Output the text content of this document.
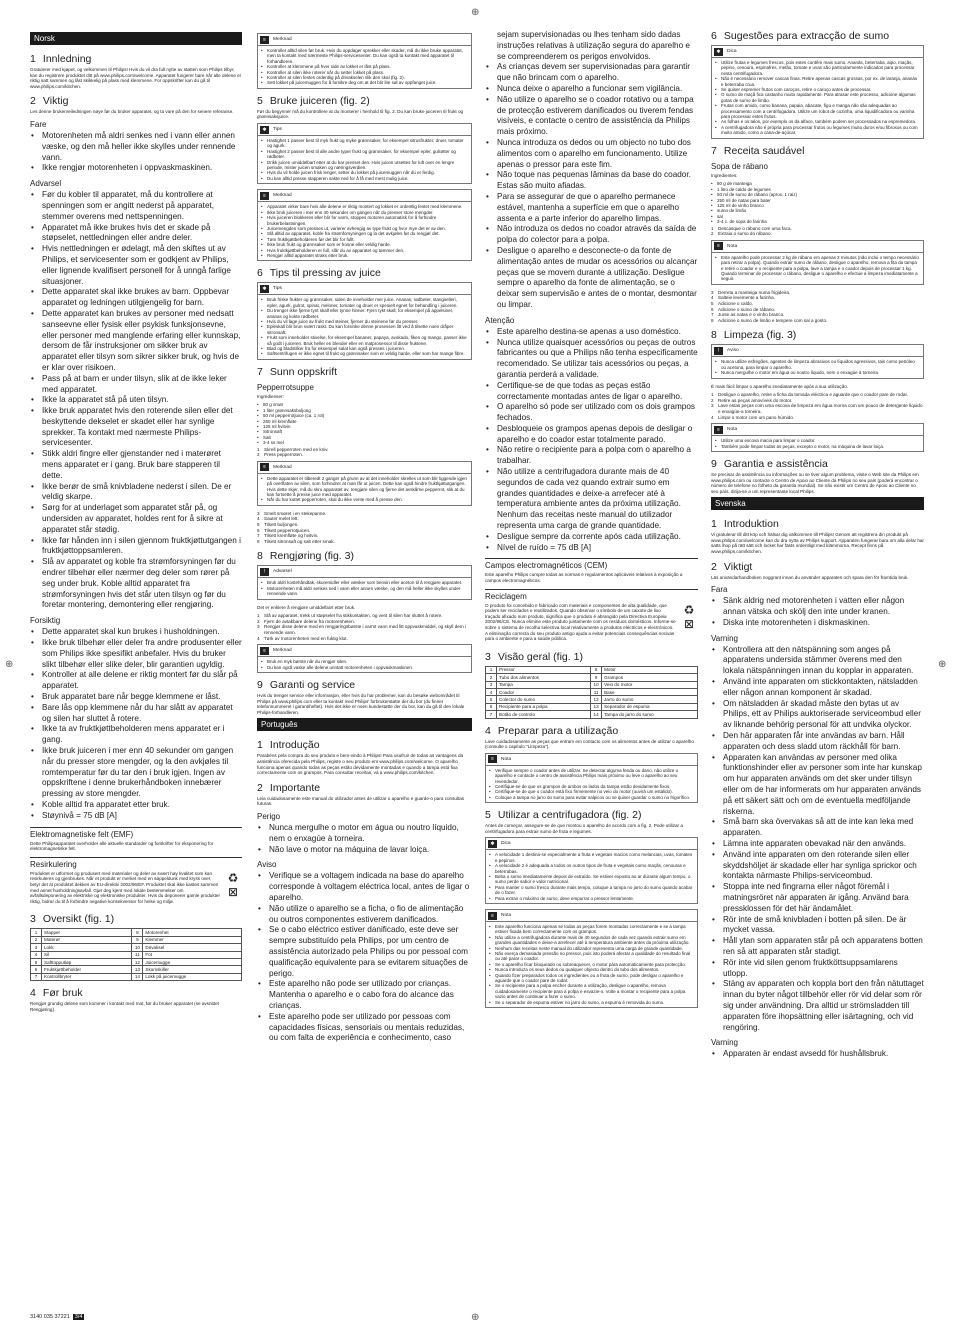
⊕
⊕
⊕	⊕
Norsk
1 Innledning

Gratulerer med kjøpet, og velkommen til Philips! Hvis du vil dra full nytte av støtten som Philips tilbyr, kan du registrere produktet ditt på www.philips.com/welcome. Apparatet fungerer bare når alle delene er riktig satt sammen og låst skikkelig på plass med klemmene. For oppskrifter kan du gå til www.philips.com/kitchen.

2 Viktig

Les denne brukerveiledningen nøye før du bruker apparatet, og ta vare på den for senere referanse.

Fare
• Motorenheten må aldri senkes ned i vann eller annen væske, og den må heller ikke skylles under rennende vann.
• Ikke rengjør motorenheten i oppvaskmaskinen.
Advarsel
• Før du kobler til apparatet, må du kontrollere at spenningen som er angitt nederst på apparatet, stemmer overens med nettspenningen.
• Apparatet må ikke brukes hvis det er skade på støpselet, nettledningen eller andre deler.
• Hvis nettledningen er ødelagt, må den skiftes ut av Philips, et servicesenter som er godkjent av Philips, eller lignende kvalifisert personell for å unngå farlige situasjoner.
• Dette apparatet skal ikke brukes av barn. Oppbevar apparatet og ledningen utilgjengelig for barn.
• Dette apparatet kan brukes av personer med nedsatt sanseevne eller fysisk eller psykisk funksjonsevne, eller personer med manglende erfaring eller kunnskap, dersom de får instruksjoner om sikker bruk av apparatet eller tilsyn som sikrer sikker bruk, og hvis de er klar over risikoen.
• Pass på at barn er under tilsyn, slik at de ikke leker med apparatet.
• Ikke la apparatet stå på uten tilsyn.
• Ikke bruk apparatet hvis den roterende silen eller det beskyttende dekselet er skadet eller har synlige sprekker. Ta kontakt med nærmeste Philips-servicesenter.
• Stikk aldri fingre eller gjenstander ned i materøret mens apparatet er i gang. Bruk bare stapperen til dette.
• Ikke berør de små knivbladene nederst i silen. De er veldig skarpe.
• Sørg for at underlaget som apparatet står på, og undersiden av apparatet, holdes rent for å sikre at apparatet står stødig.
• Ikke før hånden inn i silen gjennom fruktkjøttutgangen i fruktkjøttoppsamleren.
• Slå av apparatet og koble fra strømforsyningen før du endrer tilbehør eller nærmer deg deler som rører på seg under bruk. Koble alltid apparatet fra strømforsyningen hvis det står uten tilsyn og før du foretar montering, demontering eller rengjøring.
Forsiktig
• Dette apparatet skal kun brukes i husholdningen.
• Ikke bruk tilbehør eller deler fra andre produsenter eller som Philips ikke spesifikt anbefaler. Hvis du bruker slikt tilbehør eller slike deler, blir garantien ugyldig.
• Kontroller at alle delene er riktig montert før du slår på apparatet.
• Bruk apparatet bare når begge klemmene er låst.
• Bare lås opp klemmene når du har slått av apparatet og silen har sluttet å rotere.
• Ikke ta av fruktkjøttbeholderen mens apparatet er i gang.
• Ikke bruk juiceren i mer enn 40 sekunder om gangen når du presser store mengder, og la den avkjøles til romtemperatur før du tar den i bruk igjen. Ingen av oppskriftene i denne brukerhåndboken innebærer pressing av store mengder.
• Koble alltid fra apparatet etter bruk.
• Støynivå = 75 dB [A]
Elektromagnetiske felt (EMF)

Dette Philipsapparatet overholder alle aktuelle standarder og forskrifter for eksponering for elektromagnetiske felt.

Resirkulering

Produktet er utformet og produsert med materialer og deler av svært høy kvalitet som kan resirkuleres og gjenbrukes. Når et produkt er merket med en søppeldunk med kryss over, betyr det at produktet dekkes av EU-direktiv 2002/96/EF. Produktet skal ikke kastes sammen med annet husholdningsavfall. Gjør deg kjent med lokale bestemmelser om avfallsdeponering av elektriske og elektroniske produkter. Hvis du deponerer gamle produkter riktig, bidrar du til å forhindre negative konsekvenser for helse og miljø.

♻
⊠
3 Oversikt (fig. 1)
1	Stapper	8	Motorenhet
2	Materør	9	Klemmer
3	Lokk	10	Drivaksel
4	Sil	11	Fot
5	Safttopputløp	12	Juicemugge
6	Fruktkjøttbeholder	13	Skumskiller
7	Kontrollbryter	14	Lokk på juicemugge
4 Før bruk

Rengjør grundig delene som kommer i kontakt med mat, før du bruker apparatet (se avsnittet Rengjøring).

≡	Merknad
• Kontroller alltid silen før bruk. Hvis du oppdager sprekker eller skader, må du ikke bruke apparatet, men ta kontakt med nærmeste Philips-servicesenter. Du kan også ta kontakt med apparatet til forhandleren.
• Kontroller at klemmene på hver side av lokket er låst på plass.
• Kontroller at silen ikke roterer når du setter lokket på plass.
• Kontroller at silen festes ordentlig på drivakselen slik den skal (fig. 2).
• Sett lokket på juicemuggen for å forsikre deg om at det blir lite søl av oppfanget juice.
5 Bruke juiceren (fig. 2)

Før du begynner må du kontrollere at du monterer i henhold til fig. 2. Du kan bruke juiceren til frukt og grønnsaksjuice.

✱	Tips
• Hastighet 1 passer best til myk frukt og myke grønnsaker, for eksempel sitrusfrukter, druer, tomater og agurk.
• Hastighet 2 passer best til alle andre typer frukt og grønnsaker, for eksempel epler, gulrøtter og rødbeter.
• Drikk juicen umiddelbart etter at du har presset den. Hvis juicen utsettes for luft over en lengre periode, mister juicen smaken og næringsverdien.
• Hvis du vil holde juicen frisk lenger, setter du lokket på juicemuggen når du er ferdig.
• Du kan alltid presse stapperen sakte ned for å få med mest mulig juice.
≡	Merknad
• Apparatet virker bare hvis alle delene er riktig montert og lokket er ordentlig festet med klemmene.
• Ikke bruk juiceren i mer enn 40 sekunder om gangen når du presser store mengder.
• Hvis juiceren blokkeres eller blir for varm, stoppes motoren automatisk for å forhindre brukerbelastningen.
• Juicemengden som presses ut, varierer avhengig av type frukt og hvor mye det er av den.
• Slå alltid av apparatet, koble fra strømforsyningen og la det avkjøles før du rengjør det.
• Tøm fruktkjøttbeholderen før det blir for fullt.
• Ikke bruk frukt og grønnsaker som er frosne eller veldig harde.
• Hvis fruktkjøttbeholderen er full, slår du av apparatet og tømmer den.
• Rengjør alltid apparatet straks etter bruk.
6 Tips til pressing av juice
✱	Tips
• Bruk friske frukter og grønnsaker, siden de inneholder mer juice. Ananas, rødbeter, stangselleri, epler, agurk, gulrot, spinat, meloner, tomater og druer er spesielt egnet for behandling i juiceren.
• Du trenger ikke fjerne tynt skall eller tynne hinner. Fjern tykt skall, for eksempel på appelsiner, ananas og kokte rødbeter.
• Hvis du vil lage juice av frukt med steiner, fjerner du steinene før du presser.
• Epleskall blir brun svært raskt. Du kan forsinke denne prosessen litt ved å tilsette noen dråper sitronsaft.
• Frukt som inneholder stivelse, for eksempel bananer, papaya, avokado, fiken og mango, passer ikke så godt i juiceren. Bruk heller en blender eller en matprosessor til disse fruktene.
• Blad og bladstilker fra for eksempel salat kan også presses i juiceren.
• Saftsentrifugen er ikke egnet til frukt og grønnsaker som er veldig harde, eller som har mange fibre.
7 Sunn oppskrift
Pepperrotsuppe

Ingredienser:

• 80 g smør
• 1 liter grønnsaksbuljong
• 50 ml pepperrotjuice (ca. 1 rot)
• 250 ml kremfløte
• 125 ml hvitvin
• Sitronsaft
• Salt
• 3-4 ss mel
1 Skrell pepperroten med en kniv.
2 Press pepperroten.
≡	Merknad
• Dette apparatet er tilberedt 2 ganger på grunn av at det inneholder skrelles ut som blir liggende igjen på overflaten av silen, som forhindrer at man får ut juicen. Dette kan også hindre fruktkjøttutgangen. Hvis dette skjer, må du skru apparatet av, rengjøre silen og fjerne det avskårne pepperrot, slik at du kan fortsette å presse juice med apparatet.
• Når du har kuttet pepperroten, skal du ikke vente med å presse den.
3 Smelt smøret i en stekepanne.
4 Sauter melet lett.
5 Tilsett buljongen.
6 Tilsett pepperrotjuicen.
7 Tilsett kremfløte og hvitvin.
8 Tilsett sitronsaft og salt etter smak.
8 Rengjøring (fig. 3)
!	Advarsel
• Bruk aldri kostehåndtak, skuremidler eller væsker som bensin eller aceton til å rengjøre apparatet.
• Motorenheten må aldri senkes ned i vann eller annen væske, og den må heller ikke skylles under rennende vann.

Det er enklere å rengjøre umiddelbart etter bruk.

1 Slå av apparatet, trekk ut støpselet fra stikkontakten, og vent til silen har sluttet å rotere.
2 Fjern de avtakbare delene fra motorenheten.
3 Rengjør disse delene med en rengjøringsbørste i varmt vann med litt oppvaskmiddel, og skyll dem i rennende vann.
4 Tørk av motorenheten med en fuktig klut.
≡	Merknad
• Bruk en myk børste når du rengjør silen.
• Du kan også vaske alle delene unntatt motorenheten i oppvaskmaskinen.
9 Garanti og service

Hvis du trenger service eller informasjon, eller hvis du har problemer, kan du besøke webområdet til Philips på www.philips.com eller ta kontakt med Philips' forbrukerstøtte der du bor (du finner telefonnummeret i garantiheftet). Hvis det ikke er noen kundestøtte der du bor, kan du gå til den lokale Philips-forhandleren.

Português
1 Introdução

Parabéns pela compra do seu produto e bem-vindo à Philips! Para usufruir de todas as vantagens da assistência oferecida pela Philips, registe o seu produto em www.philips.com/welcome. O aparelho funciona apenas quando todas as peças estão devidamente montadas e quando a tampa está fixa correctamente com os grampos. Para consultar receitas, vá a www.philips.com/kitchen.

2 Importante

Leia cuidadosamente este manual do utilizador antes de utilizar o aparelho e guarde-o para consultas futuras.

Perigo
• Nunca mergulhe o motor em água ou noutro líquido, nem o enxagúe à torneira.
• Não lave o motor na máquina de lavar loiça.
Aviso
• Verifique se a voltagem indicada na base do aparelho corresponde à voltagem eléctrica local, antes de ligar o aparelho.
• Não utilize o aparelho se a ficha, o fio de alimentação ou outros componentes estiverem danificados.
• Se o cabo eléctrico estiver danificado, este deve ser sempre substituído pela Philips, por um centro de assistência autorizado pela Philips ou por pessoal com qualificação equivalente para se evitarem situações de perigo.
• Este aparelho não pode ser utilizado por crianças. Mantenha o aparelho e o cabo fora do alcance das crianças.
• Este aparelho pode ser utilizado por pessoas com capacidades físicas, sensoriais ou mentais reduzidas, ou com falta de experiência e conhecimento, caso
sejam supervisionadas ou lhes tenham sido dadas instruções relativas à utilização segura do aparelho e se compreenderem os perigos envolvidos.
• As crianças devem ser supervisionadas para garantir que não brincam com o aparelho.
• Nunca deixe o aparelho a funcionar sem vigilância.
• Não utilize o aparelho se o coador rotativo ou a tampa de protecção estiverem danificados ou tiverem fendas visíveis, e contacte o centro de assistência da Philips mais próximo.
• Nunca introduza os dedos ou um objecto no tubo dos alimentos com o aparelho em funcionamento. Utilize apenas o pressor para este fim.
• Não toque nas pequenas lâminas da base do coador. Estas são muito afiadas.
• Para se assegurar de que o aparelho permanece estável, mantenha a superfície em que o aparelho assenta e a parte inferior do aparelho limpas.
• Não introduza os dedos no coador através da saída de polpa do colector para a polpa.
• Desligue o aparelho e desconecte-o da fonte de alimentação antes de mudar os acessórios ou alcançar peças que se movem durante a utilização. Desligue sempre o aparelho da fonte de alimentação, se o deixar sem supervisão e antes de o montar, desmontar ou limpar.
Atenção
• Este aparelho destina-se apenas a uso doméstico.
• Nunca utilize quaisquer acessórios ou peças de outros fabricantes ou que a Philips não tenha especificamente recomendado. Se utilizar tais acessórios ou peças, a garantia perderá a validade.
• Certifique-se de que todas as peças estão correctamente montadas antes de ligar o aparelho.
• O aparelho só pode ser utilizado com os dois grampos fechados.
• Desbloqueie os grampos apenas depois de desligar o aparelho e do coador estar totalmente parado.
• Não retire o recipiente para a polpa com o aparelho a trabalhar.
• Não utilize a centrifugadora durante mais de 40 segundos de cada vez quando extrair sumo em grandes quantidades e deixe-a arrefecer até à temperatura ambiente antes da próxima utilização. Nenhum das receitas neste manual do utilizador representa uma carga de grande quantidade.
• Desligue sempre da corrente após cada utilização.
• Nível de ruído = 75 dB [A]
Campos electromagnéticos (CEM)

Este aparelho Philips cumpre todas as normas e regulamentos aplicáveis relativos à exposição a campos electromagnéticos.

Reciclagem

O produto foi concebido e fabricado com materiais e componentes de alta qualidade, que podem ser reciclados e reutilizados. Quando observar o símbolo de um caixote de lixo traçado afixado num produto, significa que o produto é abrangido pela Directiva Europeia 2002/96/CE. Nunca elimine este produto juntamente com os resíduos domésticos. Informe-se sobre o sistema de recolha selectiva local relativamente a produtos eléctricos e electrónicos. A eliminação correcta do seu produto antigo ajuda a evitar potenciais consequências nocivas para o ambiente e para a saúde pública.

♻
⊠
3 Visão geral (fig. 1)
1	Pressor	8	Motor
2	Tubo dos alimentos	9	Grampos
3	Tampa	10	Veio do motor
4	Coador	11	Base
5	Colector do sumo	12	Jarro do sumo
6	Recipiente para a polpa	13	Separador de espuma
7	Botão de controlo	14	Tampa do jarro do sumo
4 Preparar para a utilização

Lave cuidadosamente as peças que entram em contacto com os alimentos antes de utilizar o aparelho (consulte o capítulo "Limpeza").

≡	Nota
• Verifique sempre o coador antes de utilizar. Se detectar alguma fenda ou dano, não utilize o aparelho e contacte o centro de assistência Philips mais próximo ou leve o aparelho ao seu revendedor.
• Certifique-se de que os grampos de ambos os lados da tampa estão devidamente fixos.
• Certifique-se de que o coador está fixo firmemente no veio do motor (ouvirá um estalido).
• Coloque a tampa no jarro do sumo para evitar salpicos ou se quiser guardar o sumo no frigorífico.
5 Utilizar a centrifugadora (fig. 2)

Antes de começar, assegure-se de que montou o aparelho de acordo com a fig. 2. Pode utilizar a centrifugadora para extrair sumo de fruta e legumes.

✱	Dica
• A velocidade 1 destina-se especialmente a fruta e vegetais macios como melancias, uvas, tomates e pepinos.
• A velocidade 2 é adequada a todos os outros tipos de fruta e vegetais como maçãs, cenouras e beterrabas.
• Beba o sumo imediatamente depois de extraído. Se estiver exposto ao ar durante algum tempo, o sumo perde sabor e valor nutricional.
• Para manter o sumo fresco durante mais tempo, coloque a tampa no jarro do sumo quando acabar de o fazer.
• Para extrair o máximo de sumo, deve empurrar o pressor lentamente.
≡	Nota
• Este aparelho funciona apenas se todas as peças forem montadas correctamente e se a tampa estiver fixada bem correctamente com os grampos.
• Não utilize a centrifugadora durante mais de 40 segundos de cada vez quando extrair sumo em grandes quantidades e deixe-a arrefecer até à temperatura ambiente antes da próxima utilização.
• Nenhum das receitas neste manual do utilizador representa uma carga de grande quantidade.
• Não exerça demasiada pressão no pressor, pois isto poderá afectar a qualidade do resultado final ou até parar o coador.
• Se o aparelho ficar bloqueado ou sobreaquecer, o motor pára automaticamente para protecção.
• Nunca introduza os seus dedos ou qualquer objecto dentro do tubo dos alimentos.
• Quando fizer preparados todos os ingredientes ou a fruta de sumo, pode desligar o aparelho e aguarde que o coador pare de rodar.
• Se o recipiente para a polpa encher durante a utilização, desligue o aparelho, remova cuidadosamente o recipiente para a polpa e esvazie-o. Volte a montar o recipiente para a polpa vazio antes de continuar a fazer o sumo.
• Se o separador de espuma estiver no jarro do sumo, a espuma é removida do sumo.
6 Sugestões para extracção de sumo
✱	Dica
• Utilize frutas e legumes frescos, pois estes contêm mais sumo. Ananás, beterraba, aipo, maçãs, pepino, cenoura, espinafres, melão, tomate e uvas são particularmente indicados para processar nesta centrifugadora.
• Não é necessário remover cascas finas. Retire apenas cascas grossas, por ex. de laranja, ananás e beterraba crua.
• Se quiser espremer frutos com caroços, retire o caroço antes de processar.
• O sumo de maçã fica castanho muito rapidamente. Para atrasar este processo, adicione algumas gotas de sumo de limão.
• Frutas com amido, como banana, papaia, abacate, figo e manga não são adequadas ao processamento com a centrifugadora. Utilize um robot de cozinha, uma liquidificadora ou varinha para processar estes frutos.
• As folhas e os talos, por exemplo os da alface, também podem ser processados na espremedora.
• A centrifugadora não é própria para processar frutos ou legumes muito duros e/ou fibrosos ou com muito amido, como a cana-de-açúcar.
7 Receita saudável
Sopa de rábano

Ingredientes:

• 80 g de manteiga
• 1 litro de caldo de legumes
• 50 ml de sumo de rábano (aprox. 1 raiz)
• 250 ml de natas para bater
• 125 ml de vinho branco
• sumo de limão
• sal
• 3-4 c. de sopa de farinha
1 Descasque o rábano com uma faca.
2 Extraia o sumo do rábano.
≡	Nota
• Este aparelho pode processar 2 kg de rábano em apenas 2 minutos (não inclui o tempo necessário para retirar a polpa). Quando extrair sumo de rábano, desligue o aparelho, remova a fita da tampa e retire o coador e o recipiente para a polpa, lave a tampa e o coador depois de processar 1 kg. Quando terminar de processar o rábano, desligue o aparelho e efectue a limpeza imediatamente a seguir.
3 Derreta a manteiga numa frigideira.
4 Salteie levemente a farinha.
5 Adicione o caldo.
6 Adicione o sumo de rábano.
7 Junte as natas e o vinho branco.
8 Adicione o sumo de limão e tempere com sal a gosto.
8 Limpeza (fig. 3)
!	Aviso
• Nunca utilize esfregões, agentes de limpeza abrasivos ou líquidos agressivos, tais como petróleo ou acetona, para limpar o aparelho.
• Nunca mergulhe o motor em água ou noutro líquido, nem o enxagúe à torneira.

É mais fácil limpar o aparelho imediatamente após a sua utilização.

1 Desligue o aparelho, retire a ficha da tomada eléctrica e aguarde que o coador pare de rodar.
2 Retire as peças amovíveis do motor.
3 Lave estas peças com uma escova de limpeza em água morna com um pouco de detergente líquido e enxagúe-a torneira.
4 Limpe o motor com um pano húmido.
≡	Nota
• Utilize uma escova macia para limpar o coador.
• Também pode limpar todas as peças, excepto o motor, na máquina de lavar loiça.
9 Garantia e assistência

Se precisar de assistência ou informações ou se tiver algum problema, visite o Web site da Philips em www.philips.com ou contacte o Centro de Apoio ao Cliente da Philips no seu país (poderá encontrar o número de telefone no folheto da garantia mundial). Se não existir um Centro de Apoio ao Cliente no seu país, dirija-se a um representante local Philips.

Svenska
1 Introduktion

Vi gratulerar till ditt köp och hälsar dig välkommen till Philips! Genom att registrera din produkt på www.philips.com/welcome kan du dra nytta av Philips support. Apparaten fungerar bara om alla delar har satts ihop på rätt sätt och locket har fästs ordentligt med klämmorna. Recept finns på www.philips.com/kitchen.

2 Viktigt

Läs användarhandboken noggrant innan du använder apparaten och spara den för framtida bruk.

Fara
• Sänk aldrig ned motorenheten i vatten eller någon annan vätska och skölj den inte under kranen.
• Diska inte motorenheten i diskmaskinen.
Varning
• Kontrollera att den nätspänning som anges på apparatens undersida stämmer överens med den lokala nätspänningen innan du kopplar in apparaten.
• Använd inte apparaten om stickkontakten, nätsladden eller någon annan komponent är skadad.
• Om nätsladden är skadad måste den bytas ut av Philips, ett av Philips auktoriserade serviceombud eller av liknande behörig personal för att undvika olyckor.
• Den här apparaten får inte användas av barn. Håll apparaten och dess sladd utom räckhåll för barn.
• Apparaten kan användas av personer med olika funktionshinder eller av personer som inte har kunskap om hur apparaten används om det sker under tillsyn eller om de har informerats om hur apparaten används på ett säkert sätt och om de eventuella medföljande riskerna.
• Små barn ska övervakas så att de inte kan leka med apparaten.
• Lämna inte apparaten obevakad när den används.
• Använd inte apparaten om den roterande silen eller skyddshöljet är skadade eller har synliga sprickor och kontakta närmaste Philips-serviceombud.
• Stoppa inte ned fingrarna eller något föremål i matningsröret när apparaten är igång. Använd bara pressklossen för det här ändamålet.
• Rör inte de små knivbladen i botten på silen. De är mycket vassa.
• Håll ytan som apparaten står på och apparatens botten ren så att apparaten står stadigt.
• Rör inte vid silen genom fruktköttsuppsamlarens utlopp.
• Stäng av apparaten och koppla bort den från nätuttaget innan du byter något tillbehör eller rör vid delar som rör sig under användning. Dra alltid ur strömsladden till apparaten före ihopsättning eller isärtagning, och vid rengöring.
Varning
• Apparaten är endast avsedd för hushållsbruk.
3140 035 37221 3/4
